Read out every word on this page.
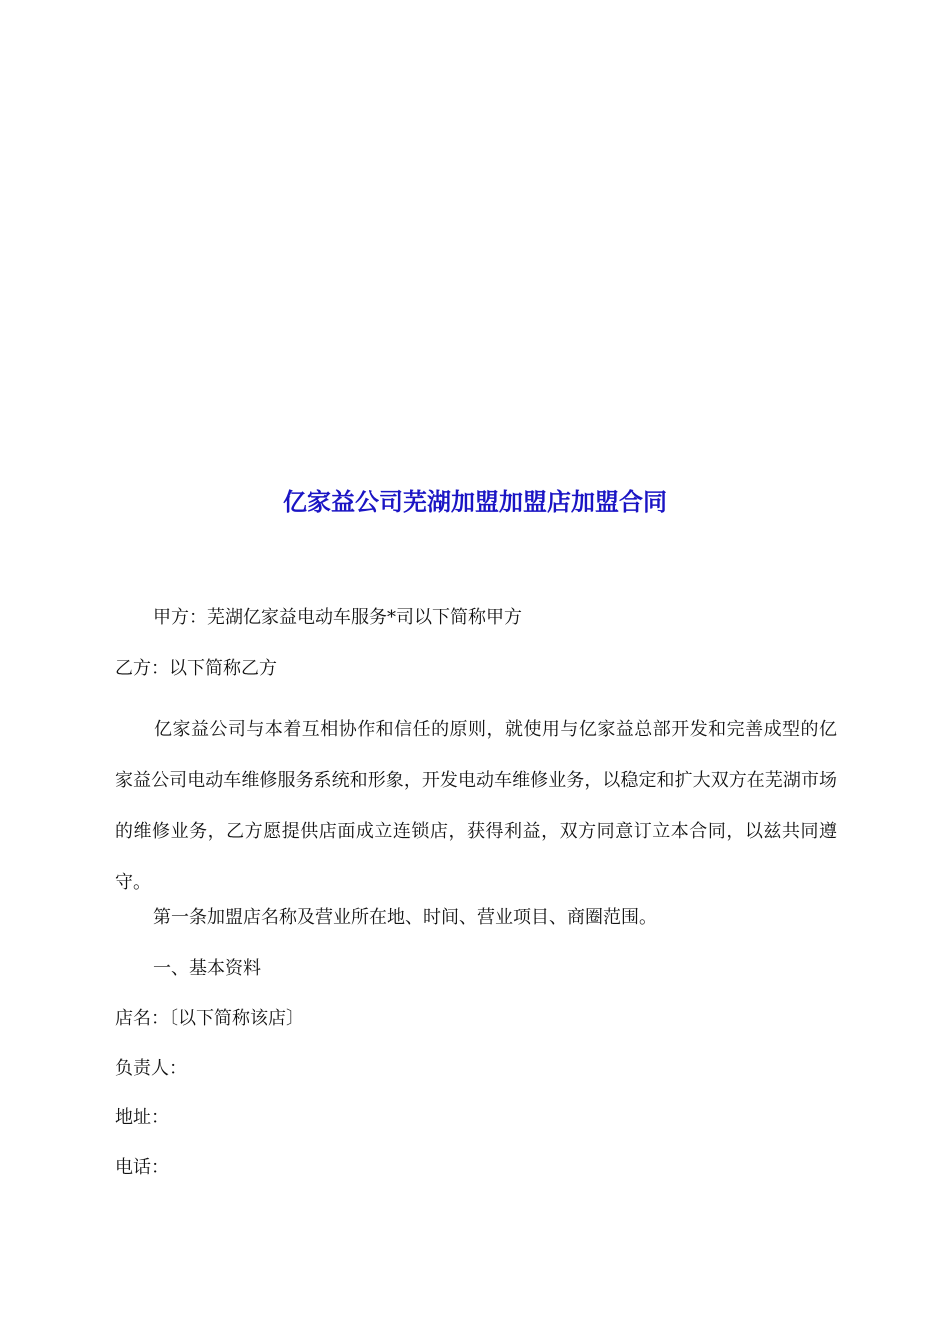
亿家益公司芜湖加盟加盟店加盟合同

甲方：芜湖亿家益电动车服务*司以下简称甲方

乙方：以下简称乙方

亿家益公司与本着互相协作和信任的原则，就使用与亿家益总部开发和完善成型的亿家益公司电动车维修服务系统和形象，开发电动车维修业务，以稳定和扩大双方在芜湖市场的维修业务，乙方愿提供店面成立连锁店，获得利益，双方同意订立本合同，以兹共同遵守。

第一条加盟店名称及营业所在地、时间、营业项目、商圈范围。

一、基本资料

店名：〔以下简称该店〕

负责人：

地址：

电话：
